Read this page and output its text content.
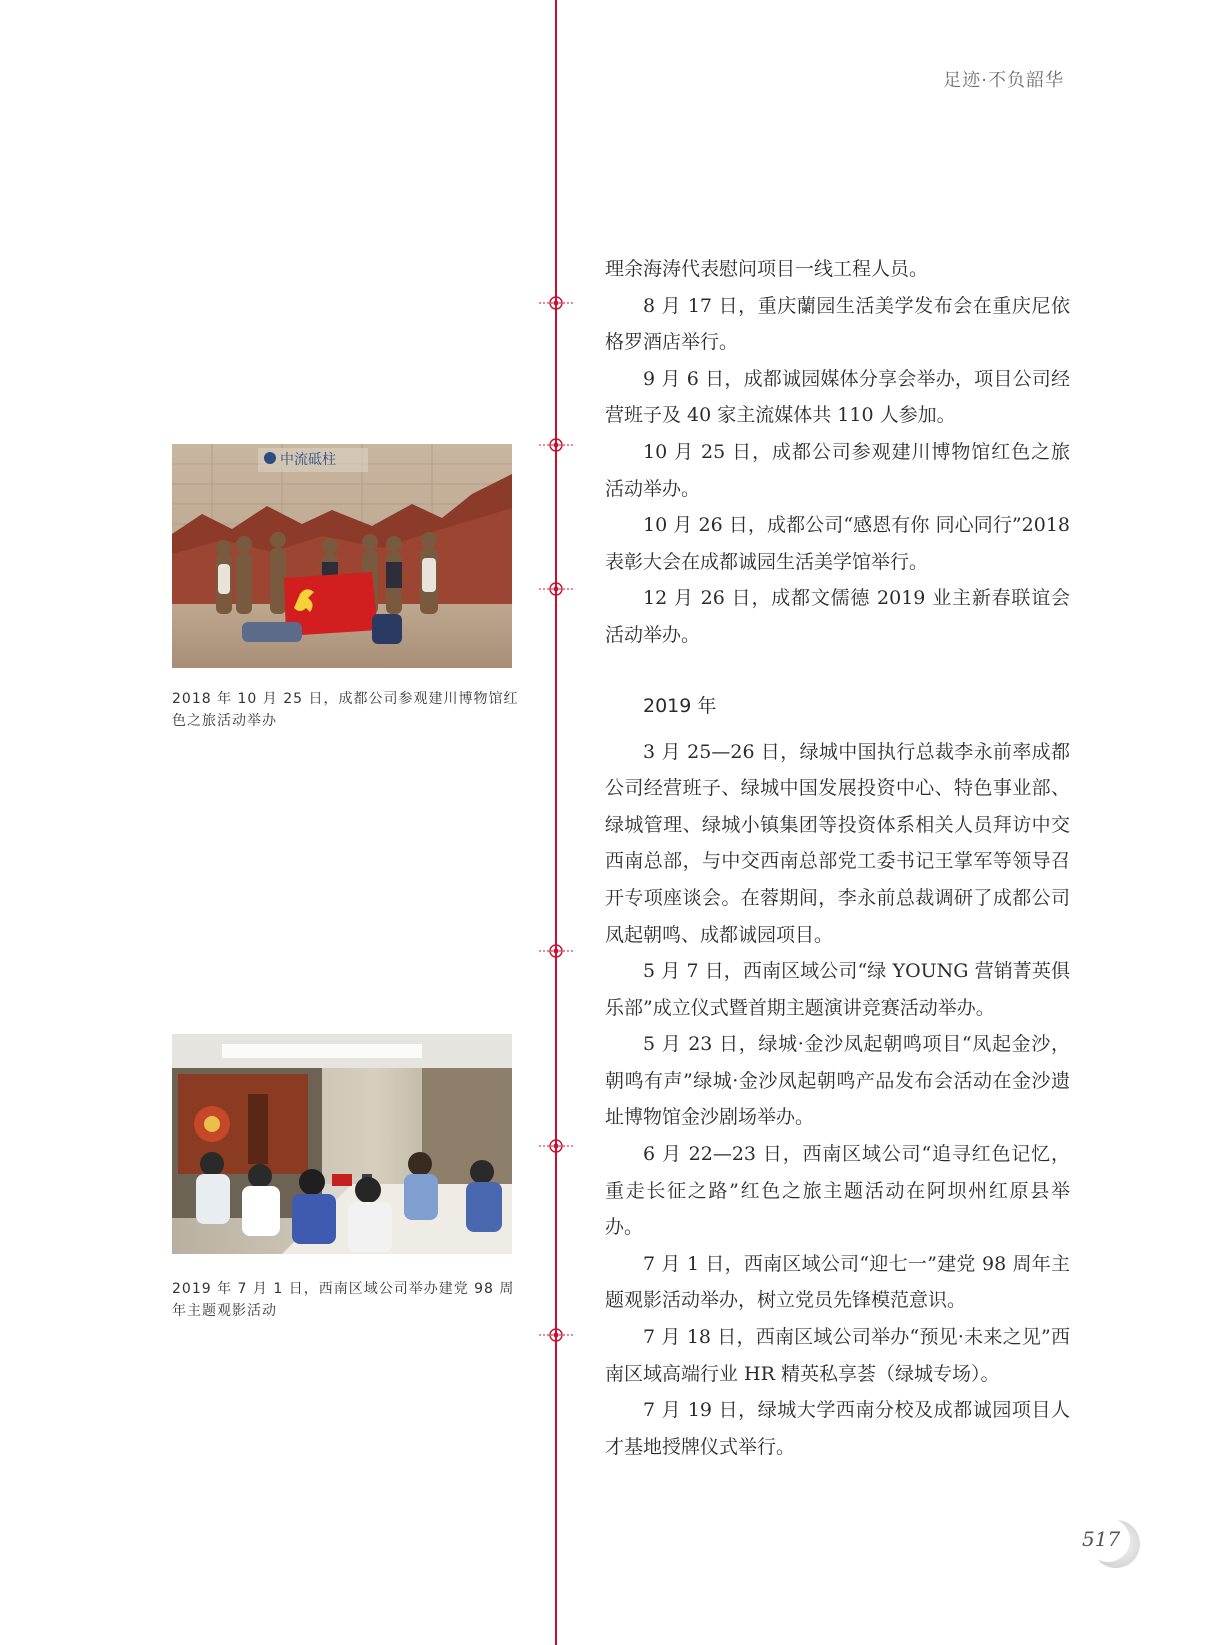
足迹·不负韶华
中流砥柱
2018 年 10 月 25 日，成都公司参观建川博物馆红色之旅活动举办
2019 年 7 月 1 日，西南区域公司举办建党 98 周年主题观影活动

理余海涛代表慰问项目一线工程人员。

8 月 17 日，重庆蘭园生活美学发布会在重庆尼依格罗酒店举行。

9 月 6 日，成都诚园媒体分享会举办，项目公司经营班子及 40 家主流媒体共 110 人参加。

10 月 25 日，成都公司参观建川博物馆红色之旅活动举办。

10 月 26 日，成都公司“感恩有你 同心同行”2018 表彰大会在成都诚园生活美学馆举行。

12 月 26 日，成都文儒德 2019 业主新春联谊会活动举办。

2019 年

3 月 25—26 日，绿城中国执行总裁李永前率成都公司经营班子、绿城中国发展投资中心、特色事业部、绿城管理、绿城小镇集团等投资体系相关人员拜访中交西南总部，与中交西南总部党工委书记王掌军等领导召开专项座谈会。在蓉期间，李永前总裁调研了成都公司凤起朝鸣、成都诚园项目。

5 月 7 日，西南区域公司“绿 YOUNG 营销菁英俱乐部”成立仪式暨首期主题演讲竞赛活动举办。

5 月 23 日，绿城·金沙凤起朝鸣项目“凤起金沙，朝鸣有声”绿城·金沙凤起朝鸣产品发布会活动在金沙遗址博物馆金沙剧场举办。

6 月 22—23 日，西南区域公司“追寻红色记忆，重走长征之路”红色之旅主题活动在阿坝州红原县举办。

7 月 1 日，西南区域公司“迎七一”建党 98 周年主题观影活动举办，树立党员先锋模范意识。

7 月 18 日，西南区域公司举办“预见·未来之见”西南区域高端行业 HR 精英私享荟（绿城专场）。

7 月 19 日，绿城大学西南分校及成都诚园项目人才基地授牌仪式举行。

517
